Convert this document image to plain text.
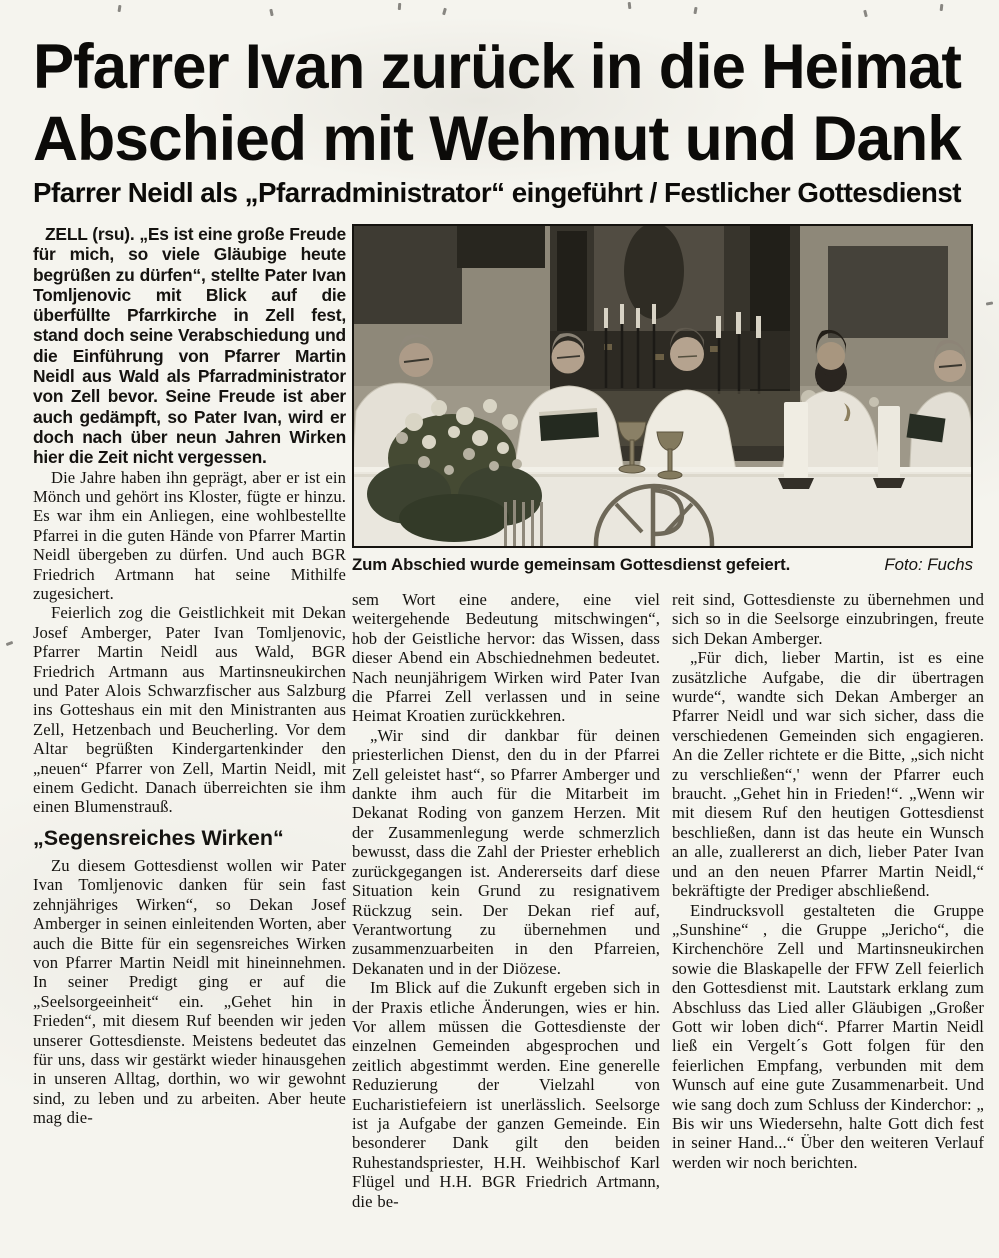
Pfarrer Ivan zurück in die Heimat
Abschied mit Wehmut und Dank
Pfarrer Neidl als „Pfarradministrator“ eingeführt / Festlicher Gottesdienst

ZELL (rsu). „Es ist eine große Freude für mich, so viele Gläubige heute begrüßen zu dürfen“, stellte Pater Ivan Tomljenovic mit Blick auf die überfüllte Pfarrkirche in Zell fest, stand doch seine Verabschiedung und die Einführung von Pfarrer Martin Neidl aus Wald als Pfarradministrator von Zell bevor. Seine Freude ist aber auch gedämpft, so Pater Ivan, wird er doch nach über neun Jahren Wirken hier die Zeit nicht vergessen.

Die Jahre haben ihn geprägt, aber er ist ein Mönch und gehört ins Kloster, fügte er hinzu. Es war ihm ein Anliegen, eine wohlbestellte Pfarrei in die guten Hände von Pfarrer Martin Neidl übergeben zu dürfen. Und auch BGR Friedrich Artmann hat seine Mithilfe zugesichert.

Feierlich zog die Geistlichkeit mit Dekan Josef Amberger, Pater Ivan Tomljenovic, Pfarrer Martin Neidl aus Wald, BGR Friedrich Artmann aus Martinsneukirchen und Pater Alois Schwarzfischer aus Salzburg ins Gotteshaus ein mit den Ministranten aus Zell, Hetzenbach und Beucherling. Vor dem Altar begrüßten Kindergartenkinder den „neuen“ Pfarrer von Zell, Martin Neidl, mit einem Gedicht. Danach überreichten sie ihm einen Blumenstrauß.

„Segensreiches Wirken“

Zu diesem Gottesdienst wollen wir Pater Ivan Tomljenovic danken für sein fast zehnjähriges Wirken“, so Dekan Josef Amberger in seinen einleitenden Worten, aber auch die Bitte für ein segensreiches Wirken von Pfarrer Martin Neidl mit hineinnehmen. In seiner Predigt ging er auf die „Seelsorgeeinheit“ ein. „Gehet hin in Frieden“, mit diesem Ruf beenden wir jeden unserer Gottesdienste. Meistens bedeutet das für uns, dass wir gestärkt wieder hinausgehen in unseren Alltag, dorthin, wo wir gewohnt sind, zu leben und zu arbeiten. Aber heute mag die-

Zum Abschied wurde gemeinsam Gottesdienst gefeiert.	Foto: Fuchs

sem Wort eine andere, eine viel weitergehende Bedeutung mitschwingen“, hob der Geistliche hervor: das Wissen, dass dieser Abend ein Abschiednehmen bedeutet. Nach neunjährigem Wirken wird Pater Ivan die Pfarrei Zell verlassen und in seine Heimat Kroatien zurückkehren.

„Wir sind dir dankbar für deinen priesterlichen Dienst, den du in der Pfarrei Zell geleistet hast“, so Pfarrer Amberger und dankte ihm auch für die Mitarbeit im Dekanat Roding von ganzem Herzen. Mit der Zusammenlegung werde schmerzlich bewusst, dass die Zahl der Priester erheblich zurückgegangen ist. Andererseits darf diese Situation kein Grund zu resignativem Rückzug sein. Der Dekan rief auf, Verantwortung zu übernehmen und zusammenzuarbeiten in den Pfarreien, Dekanaten und in der Diözese.

Im Blick auf die Zukunft ergeben sich in der Praxis etliche Änderungen, wies er hin. Vor allem müssen die Gottesdienste der einzelnen Gemeinden abgesprochen und zeitlich abgestimmt werden. Eine generelle Reduzierung der Vielzahl von Eucharistiefeiern ist unerlässlich. Seelsorge ist ja Aufgabe der ganzen Gemeinde. Ein besonderer Dank gilt den beiden Ruhestandspriester, H.H. Weihbischof Karl Flügel und H.H. BGR Friedrich Artmann, die be-

reit sind, Gottesdienste zu übernehmen und sich so in die Seelsorge einzubringen, freute sich Dekan Amberger.

„Für dich, lieber Martin, ist es eine zusätzliche Aufgabe, die dir übertragen wurde“, wandte sich Dekan Amberger an Pfarrer Neidl und war sich sicher, dass die verschiedenen Gemeinden sich engagieren. An die Zeller richtete er die Bitte, „sich nicht zu verschließen“,' wenn der Pfarrer euch braucht. „Gehet hin in Frieden!“. „Wenn wir mit diesem Ruf den heutigen Gottesdienst beschließen, dann ist das heute ein Wunsch an alle, zuallererst an dich, lieber Pater Ivan und an den neuen Pfarrer Martin Neidl,“ bekräftigte der Prediger abschließend.

Eindrucksvoll gestalteten die Gruppe „Sunshine“ , die Gruppe „Jericho“, die Kirchenchöre Zell und Martinsneukirchen sowie die Blaskapelle der FFW Zell feierlich den Gottesdienst mit. Lautstark erklang zum Abschluss das Lied aller Gläubigen „Großer Gott wir loben dich“. Pfarrer Martin Neidl ließ ein Vergelt´s Gott folgen für den feierlichen Empfang, verbunden mit dem Wunsch auf eine gute Zusammenarbeit. Und wie sang doch zum Schluss der Kinderchor: „ Bis wir uns Wiedersehn, halte Gott dich fest in seiner Hand...“ Über den weiteren Verlauf werden wir noch berichten.
